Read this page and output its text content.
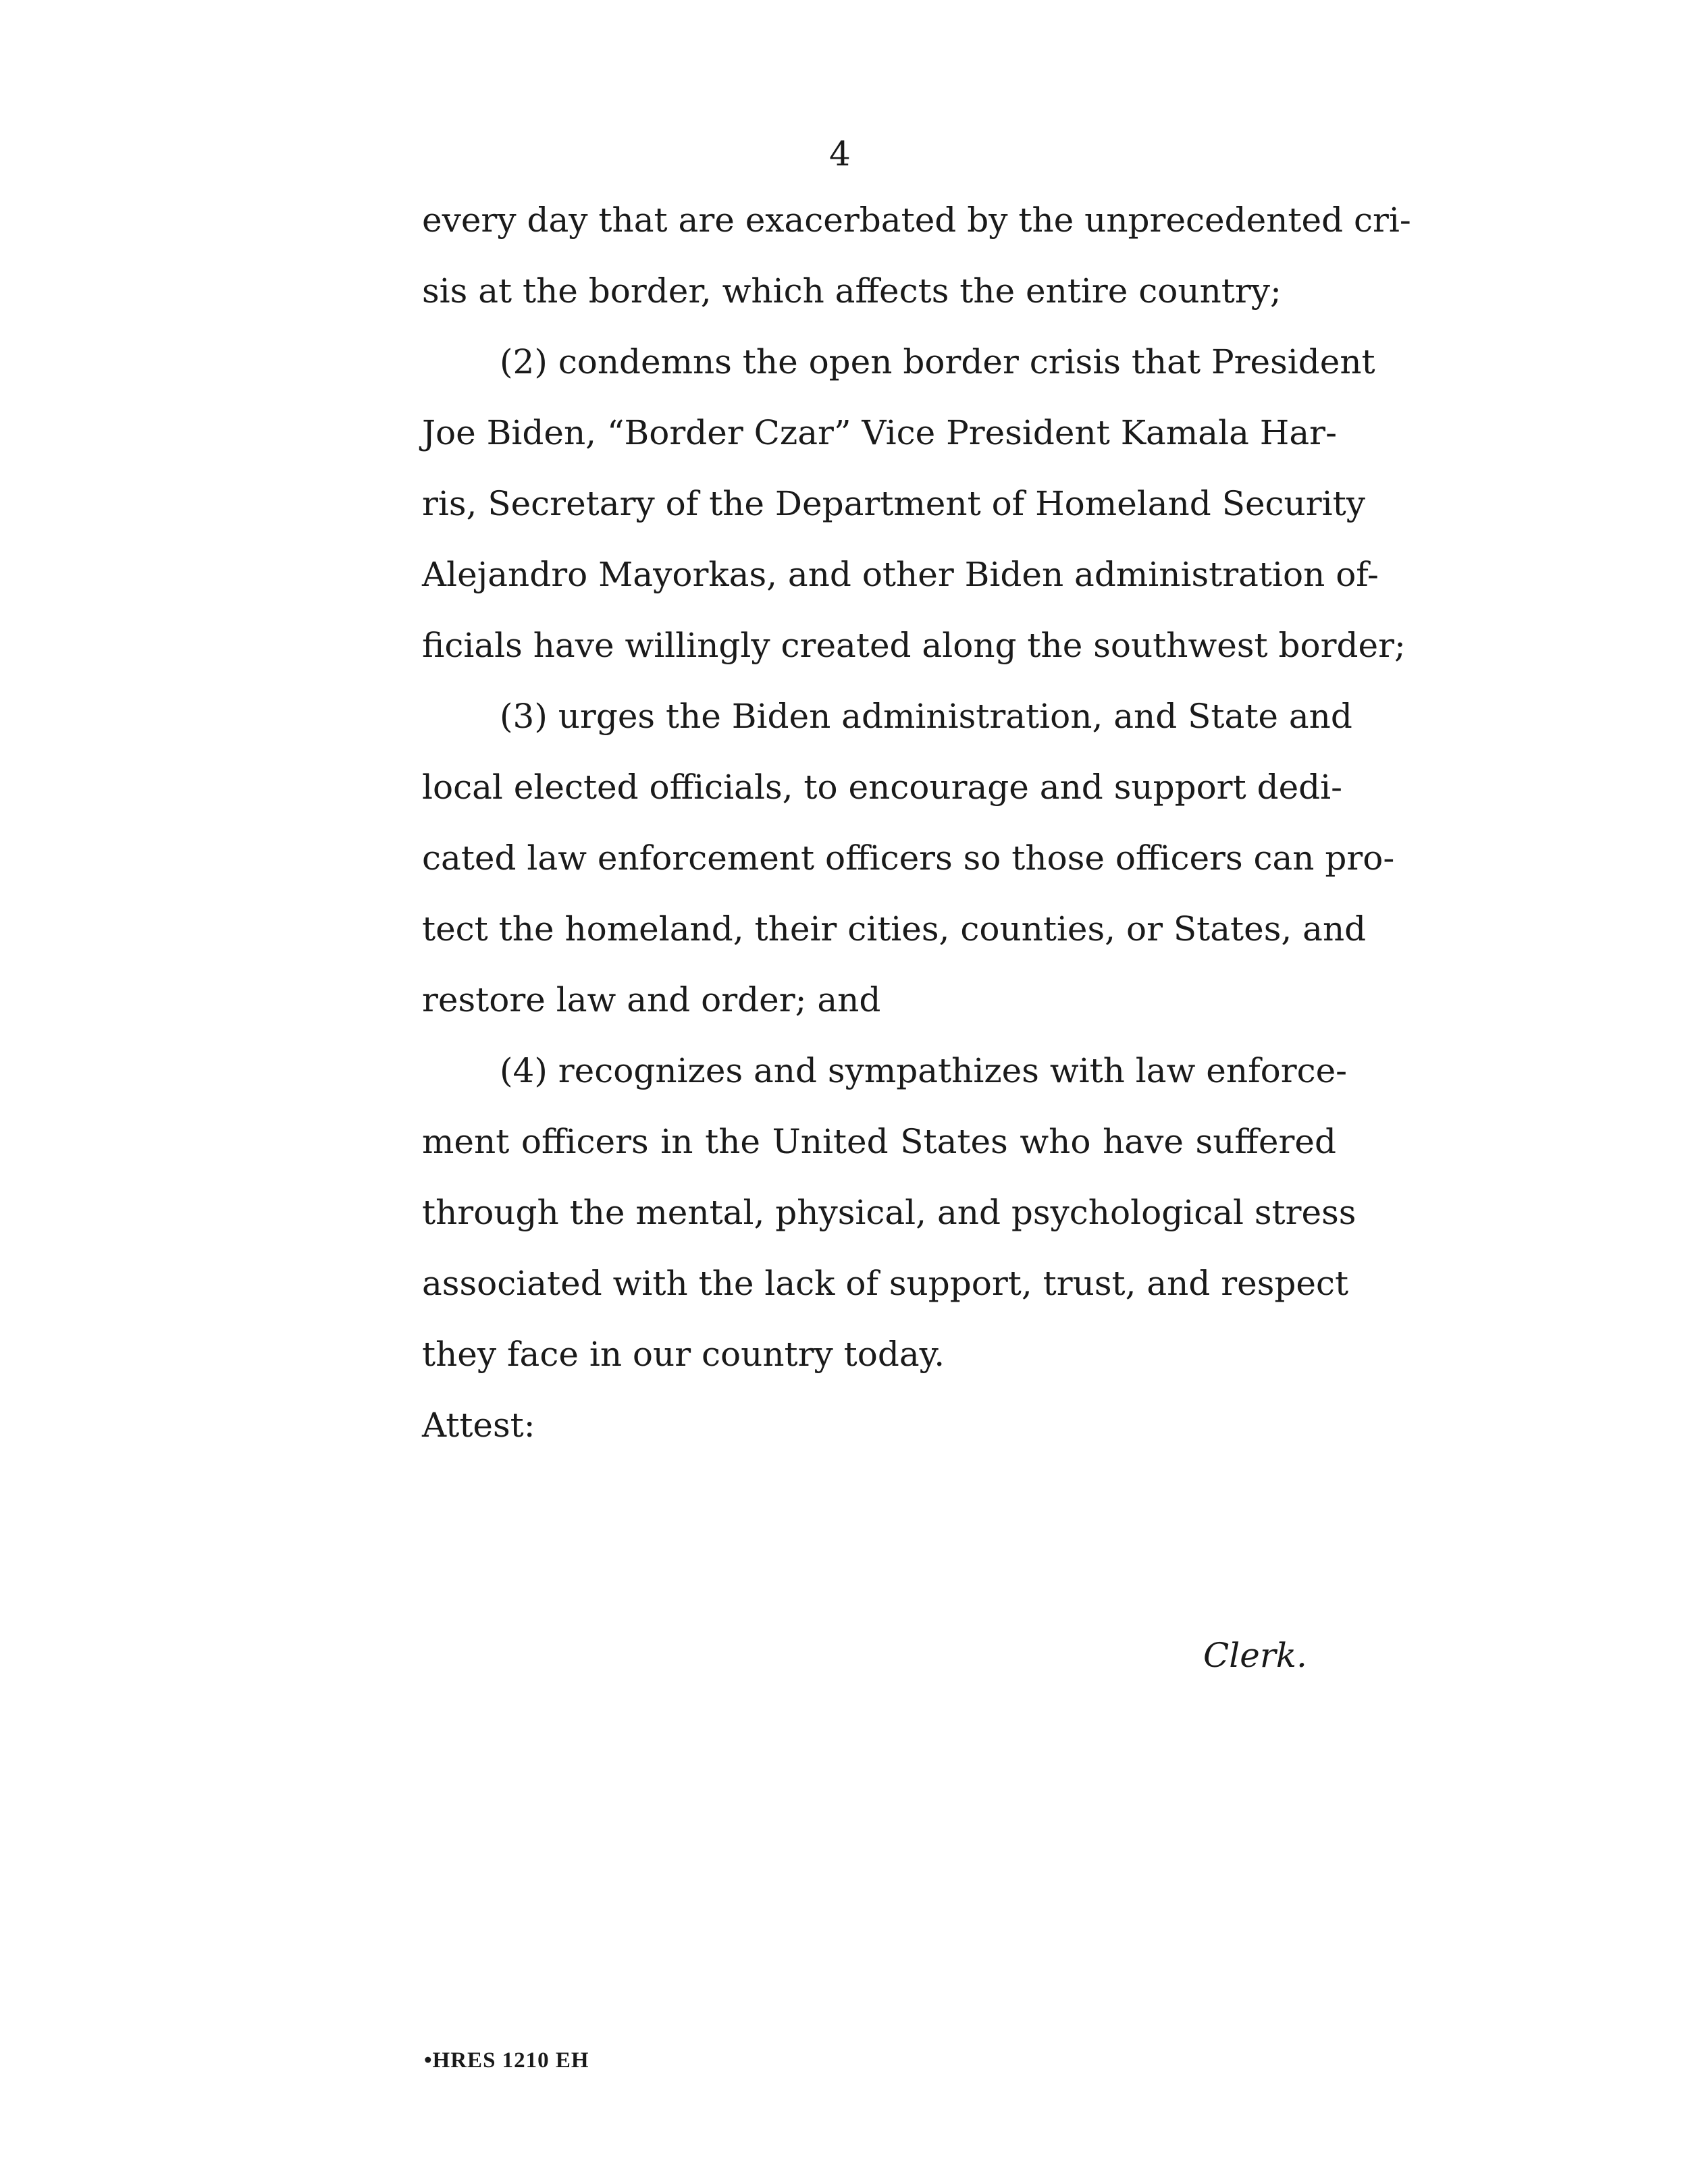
4
every day that are exacerbated by the unprecedented cri-
sis at the border, which affects the entire country;
(2) condemns the open border crisis that President
Joe Biden, “Border Czar” Vice President Kamala Har-
ris, Secretary of the Department of Homeland Security
Alejandro Mayorkas, and other Biden administration of-
ficials have willingly created along the southwest border;
(3) urges the Biden administration, and State and
local elected officials, to encourage and support dedi-
cated law enforcement officers so those officers can pro-
tect the homeland, their cities, counties, or States, and
restore law and order; and
(4) recognizes and sympathizes with law enforce-
ment officers in the United States who have suffered
through the mental, physical, and psychological stress
associated with the lack of support, trust, and respect
they face in our country today.
Attest:
Clerk.
•HRES 1210 EH
